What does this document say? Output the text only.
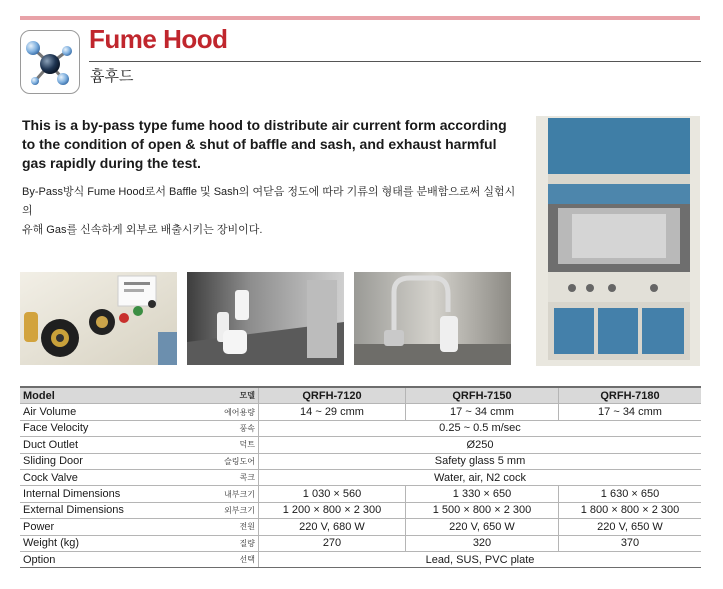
Fume Hood
흄후드
This is a by-pass type fume hood to distribute air current form according to the condition of open & shut of baffle and sash, and exhaust harmful gas rapidly during the test.
By-Pass방식 Fume Hood로서 Baffle 및 Sash의 여닫음 정도에 따라 기류의 형태를 분배함으로써 실험시의
유해 Gas를 신속하게 외부로 배출시키는 장비이다.
Model	모델	QRFH-7120	QRFH-7150	QRFH-7180
Air Volume	에어용량	14 ~ 29 cmm	17 ~ 34 cmm	17 ~ 34 cmm
Face Velocity	풍속	0.25 ~ 0.5 m/sec		
Duct Outlet	덕트	Ø250		
Sliding Door	슬링도어	Safety glass 5 mm		
Cock Valve	콕크	Water, air, N2 cock		
Internal Dimensions	내부크기	1 030 × 560	1 330 × 650	1 630 × 650
External Dimensions	외부크기	1 200 × 800 × 2 300	1 500 × 800 × 2 300	1 800 × 800 × 2 300
Power	전원	220 V, 680 W	220 V, 650 W	220 V, 650 W
Weight (kg)	질량	270	320	370
Option	선택	Lead, SUS, PVC plate		
